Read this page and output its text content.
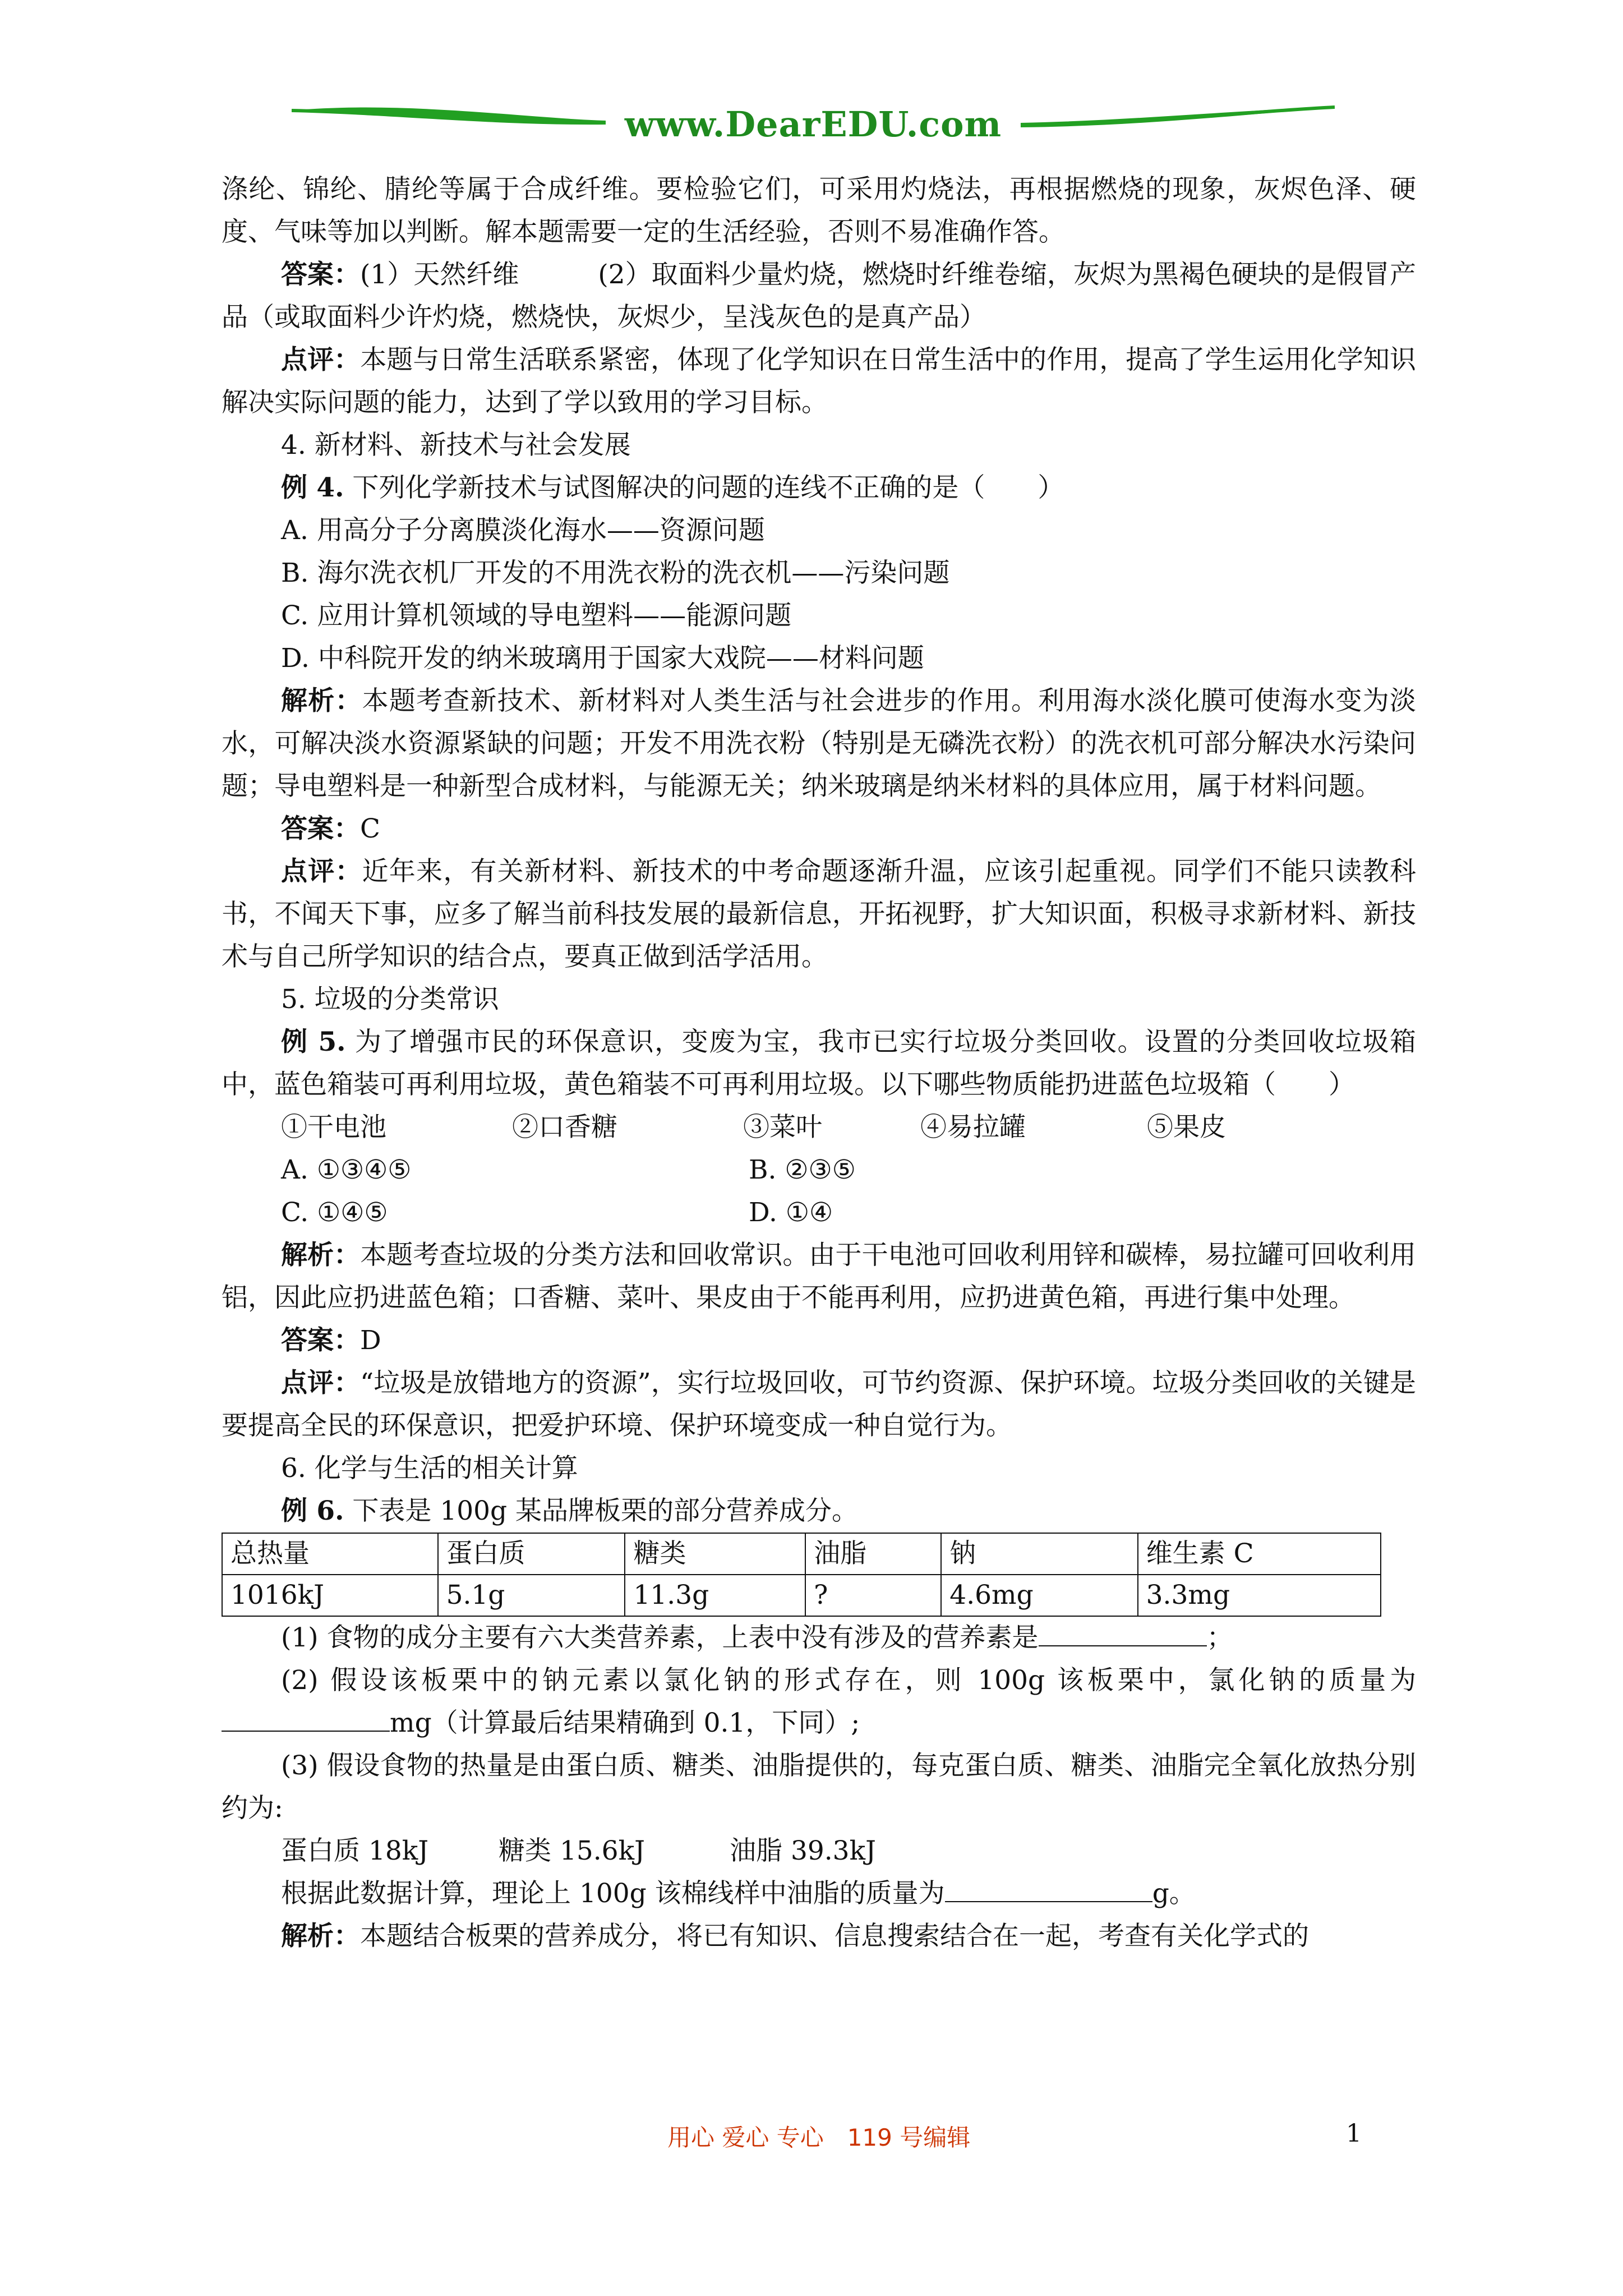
www.DearEDU.com

涤纶、锦纶、腈纶等属于合成纤维。要检验它们，可采用灼烧法，再根据燃烧的现象，灰烬色泽、硬度、气味等加以判断。解本题需要一定的生活经验，否则不易准确作答。

答案：(1）天然纤维　　　(2）取面料少量灼烧，燃烧时纤维卷缩，灰烬为黑褐色硬块的是假冒产品（或取面料少许灼烧，燃烧快，灰烬少，呈浅灰色的是真产品）

点评：本题与日常生活联系紧密，体现了化学知识在日常生活中的作用，提高了学生运用化学知识解决实际问题的能力，达到了学以致用的学习目标。

4. 新材料、新技术与社会发展

例 4. 下列化学新技术与试图解决的问题的连线不正确的是（　　）

A. 用高分子分离膜淡化海水——资源问题

B. 海尔洗衣机厂开发的不用洗衣粉的洗衣机——污染问题

C. 应用计算机领域的导电塑料——能源问题

D. 中科院开发的纳米玻璃用于国家大戏院——材料问题

解析：本题考查新技术、新材料对人类生活与社会进步的作用。利用海水淡化膜可使海水变为淡水，可解决淡水资源紧缺的问题；开发不用洗衣粉（特别是无磷洗衣粉）的洗衣机可部分解决水污染问题；导电塑料是一种新型合成材料，与能源无关；纳米玻璃是纳米材料的具体应用，属于材料问题。

答案：C

点评：近年来，有关新材料、新技术的中考命题逐渐升温，应该引起重视。同学们不能只读教科书，不闻天下事，应多了解当前科技发展的最新信息，开拓视野，扩大知识面，积极寻求新材料、新技术与自己所学知识的结合点，要真正做到活学活用。

5. 垃圾的分类常识

例 5. 为了增强市民的环保意识，变废为宝，我市已实行垃圾分类回收。设置的分类回收垃圾箱中，蓝色箱装可再利用垃圾，黄色箱装不可再利用垃圾。以下哪些物质能扔进蓝色垃圾箱（　　）

①干电池	②口香糖	③菜叶	④易拉罐	⑤果皮
A. ①③④⑤	B. ②③⑤
C. ①④⑤	D. ①④

解析：本题考查垃圾的分类方法和回收常识。由于干电池可回收利用锌和碳棒，易拉罐可回收利用铝，因此应扔进蓝色箱；口香糖、菜叶、果皮由于不能再利用，应扔进黄色箱，再进行集中处理。

答案：D

点评：“垃圾是放错地方的资源”，实行垃圾回收，可节约资源、保护环境。垃圾分类回收的关键是要提高全民的环保意识，把爱护环境、保护环境变成一种自觉行为。

6. 化学与生活的相关计算

例 6. 下表是 100g 某品牌板栗的部分营养成分。

总热量	蛋白质	糖类	油脂	钠	维生素 C
1016kJ	5.1g	11.3g	?	4.6mg	3.3mg

(1) 食物的成分主要有六大类营养素，上表中没有涉及的营养素是	；

(2) 假设该板栗中的钠元素以氯化钠的形式存在，则 100g 该板栗中，氯化钠的质量为mg（计算最后结果精确到 0.1，下同）;

(3) 假设食物的热量是由蛋白质、糖类、油脂提供的，每克蛋白质、糖类、油脂完全氧化放热分别约为:

蛋白质 18kJ	糖类 15.6kJ	油脂 39.3kJ

根据此数据计算，理论上 100g 该棉线样中油脂的质量为	g。

解析：本题结合板栗的营养成分，将已有知识、信息搜索结合在一起，考查有关化学式的

用心 爱心 专心　119 号编辑	1
